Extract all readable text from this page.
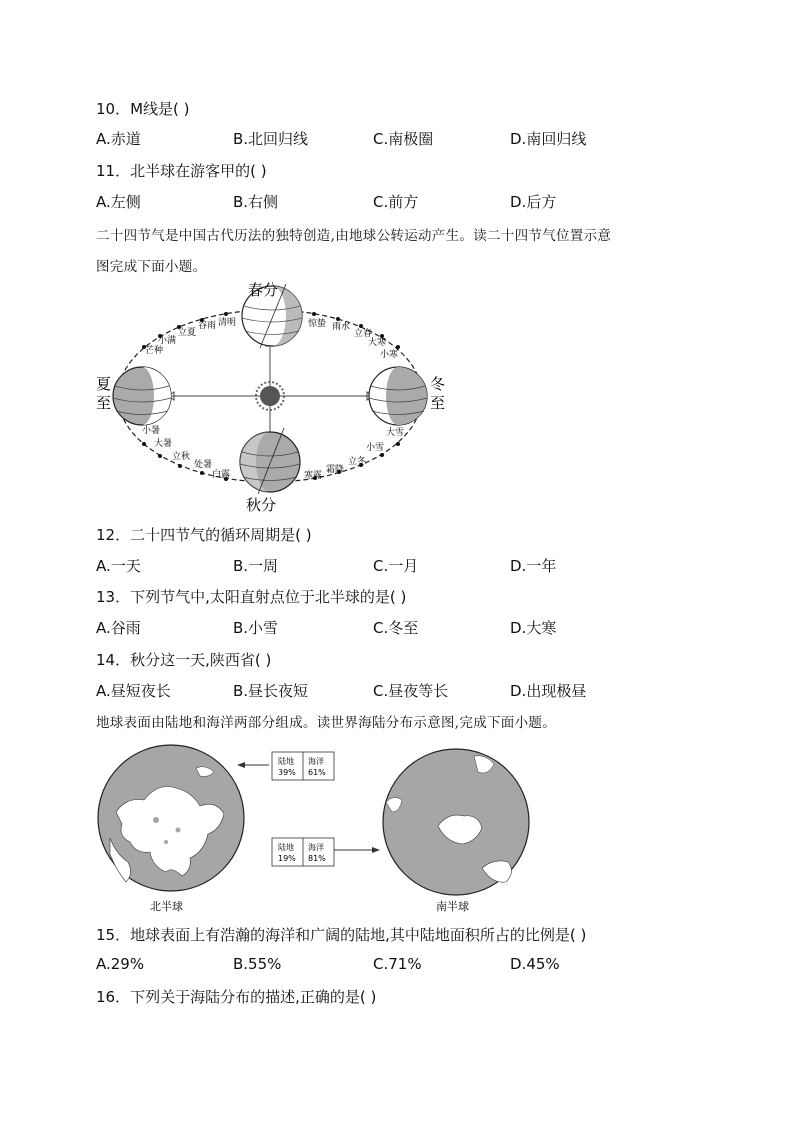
10．M线是( )
A.赤道	B.北回归线	C.南极圈	D.南回归线
11．北半球在游客甲的( )
A.左侧	B.右侧	C.前方	D.后方
二十四节气是中国古代历法的独特创造,由地球公转运动产生。读二十四节气位置示意
图完成下面小题。
春分
秋分
夏
至
冬
至
清明
谷雨
立夏
小满
芒种
惊蛰 雨水
立春
大寒
小寒
小暑
大暑
立秋
处暑
白露
大雪
小雪
立冬
霜降
寒露
12．二十四节气的循环周期是( )
A.一天	B.一周	C.一月	D.一年
13．下列节气中,太阳直射点位于北半球的是( )
A.谷雨	B.小雪	C.冬至	D.大寒
14．秋分这一天,陕西省( )
A.昼短夜长	B.昼长夜短	C.昼夜等长	D.出现极昼
地球表面由陆地和海洋两部分组成。读世界海陆分布示意图,完成下面小题。
陆地
39%
海洋
61%
陆地
19%
海洋
81%
北半球	南半球
15．地球表面上有浩瀚的海洋和广阔的陆地,其中陆地面积所占的比例是( )
A.29%	B.55%	C.71%	D.45%
16．下列关于海陆分布的描述,正确的是( )
